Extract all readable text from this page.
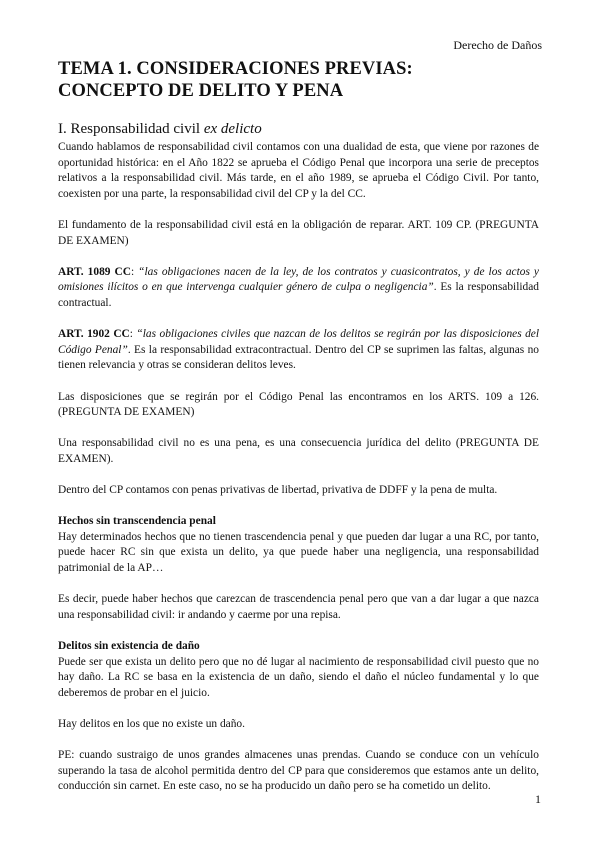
Derecho de Daños
TEMA 1. CONSIDERACIONES PREVIAS:
CONCEPTO DE DELITO Y PENA
I. Responsabilidad civil ex delicto

Cuando hablamos de responsabilidad civil contamos con una dualidad de esta, que viene por razones de oportunidad histórica: en el Año 1822 se aprueba el Código Penal que incorpora una serie de preceptos relativos a la responsabilidad civil. Más tarde, en el año 1989, se aprueba el Código Civil. Por tanto, coexisten por una parte, la responsabilidad civil del CP y la del CC.

El fundamento de la responsabilidad civil está en la obligación de reparar. ART. 109 CP. (PREGUNTA DE EXAMEN)

ART. 1089 CC: “las obligaciones nacen de la ley, de los contratos y cuasicontratos, y de los actos y omisiones ilícitos o en que intervenga cualquier género de culpa o negligencia”. Es la responsabilidad contractual.

ART. 1902 CC: “las obligaciones civiles que nazcan de los delitos se regirán por las disposiciones del Código Penal”. Es la responsabilidad extracontractual. Dentro del CP se suprimen las faltas, algunas no tienen relevancia y otras se consideran delitos leves.

Las disposiciones que se regirán por el Código Penal las encontramos en los ARTS. 109 a 126. (PREGUNTA DE EXAMEN)

Una responsabilidad civil no es una pena, es una consecuencia jurídica del delito (PREGUNTA DE EXAMEN).

Dentro del CP contamos con penas privativas de libertad, privativa de DDFF y la pena de multa.

Hechos sin transcendencia penal

Hay determinados hechos que no tienen trascendencia penal y que pueden dar lugar a una RC, por tanto, puede hacer RC sin que exista un delito, ya que puede haber una negligencia, una responsabilidad patrimonial de la AP…

Es decir, puede haber hechos que carezcan de trascendencia penal pero que van a dar lugar a que nazca una responsabilidad civil: ir andando y caerme por una repisa.

Delitos sin existencia de daño

Puede ser que exista un delito pero que no dé lugar al nacimiento de responsabilidad civil puesto que no hay daño. La RC se basa en la existencia de un daño, siendo el daño el núcleo fundamental y lo que deberemos de probar en el juicio.

Hay delitos en los que no existe un daño.

PE: cuando sustraigo de unos grandes almacenes unas prendas. Cuando se conduce con un vehículo superando la tasa de alcohol permitida dentro del CP para que consideremos que estamos ante un delito, conducción sin carnet. En este caso, no se ha producido un daño pero se ha cometido un delito.

1
